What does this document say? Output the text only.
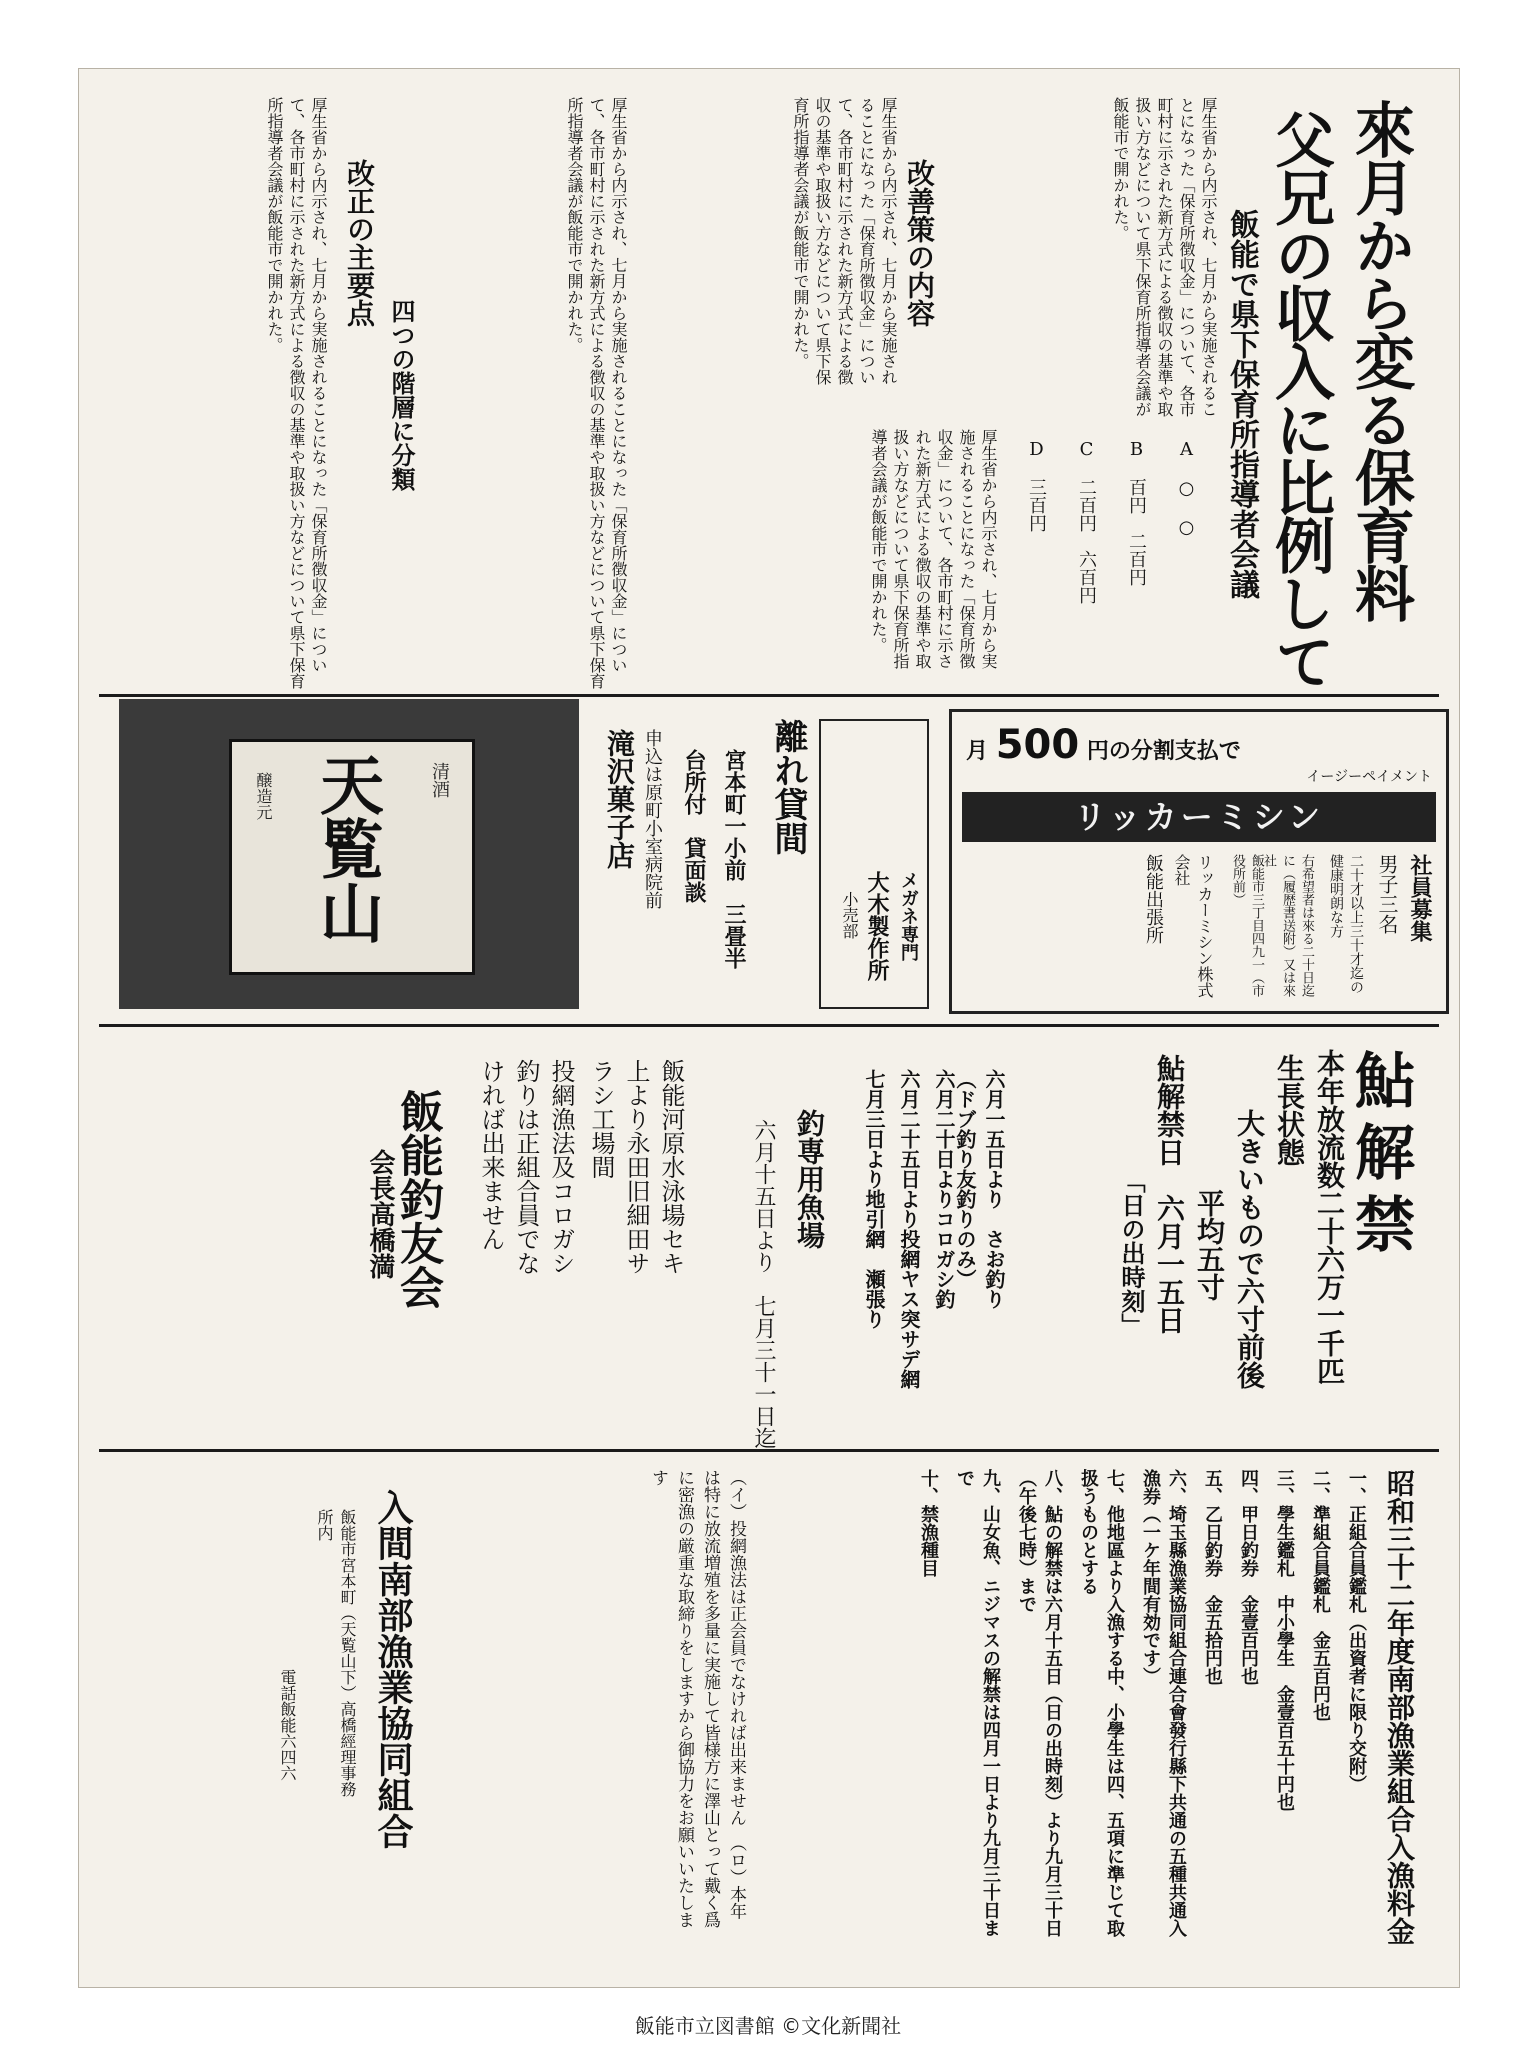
來月から変る保育料
父兄の収入に比例して
飯能で県下保育所指導者会議
厚生省から内示され、七月から実施されることになった「保育所徴収金」について、各市町村に示された新方式による徴収の基準や取扱い方などについて県下保育所指導者会議が飯能市で開かれた。
改善策の内容
厚生省から内示され、七月から実施されることになった「保育所徴収金」について、各市町村に示された新方式による徴収の基準や取扱い方などについて県下保育所指導者会議が飯能市で開かれた。
A　○　○
B　百円　二百円
C　二百円　六百円
D　三百円
厚生省から内示され、七月から実施されることになった「保育所徴収金」について、各市町村に示された新方式による徴収の基準や取扱い方などについて県下保育所指導者会議が飯能市で開かれた。
改正の主要点
四つの階層に分類	厚生省から内示され、七月から実施されることになった「保育所徴収金」について、各市町村に示された新方式による徴収の基準や取扱い方などについて県下保育所指導者会議が飯能市で開かれた。
厚生省から内示され、七月から実施されることになった「保育所徴収金」について、各市町村に示された新方式による徴収の基準や取扱い方などについて県下保育所指導者会議が飯能市で開かれた。
清酒
天覧山
醸造元	離れ貸間
宮本町一小前　三畳半
台所付　貸面談
申込は原町小室病院前
滝沢菓子店
メガネ専門
大木製作所
小売部
月 500 円の分割支払で
イージーペイメント
リッカーミシン
社員募集
男子三名
二十才以上三十才迄の健康明朗な方
右希望者は來る二十日迄に（履歴書送附）又は來社
飯能市三丁目四九一（市役所前）
リッカーミシン株式会社
飯能出張所
鮎解禁
本年放流数二十六万一千匹
生長状態
大きいもので六寸前後
平均五寸
鮎解禁日　六月一五日
「日の出時刻」
六月一五日より　さお釣り（ドブ釣り友釣りのみ）
六月二十日よりコロガシ釣
六月二十五日より投網ヤス突サデ網
七月三日より地引網　瀬張り
釣専用魚場
六月十五日より　七月三十一日迄
飯能河原水泳場セキ上より永田旧細田サラシ工場間
投網漁法及コロガシ釣りは正組合員でなければ出来ません
飯能釣友会
会長高橋満
昭和三十二年度南部漁業組合入漁料金
一、正組合員鑑札（出資者に限り交附）
二、準組合員鑑札　金五百円也
三、學生鑑札　中小學生　金壹百五十円也
四、甲日釣券　金壹百円也
五、乙日釣券　金五拾円也
六、埼玉縣漁業協同組合連合會發行縣下共通の五種共通入漁券（一ケ年間有効です）
七、他地區より入漁する中、小學生は四、五項に準じて取扱うものとする
八、鮎の解禁は六月十五日（日の出時刻）より九月三十日（午後七時）まで
九、山女魚、ニジマスの解禁は四月一日より九月三十日まで
十、禁漁種目
（イ）投網漁法は正会員でなければ出来ません　（ロ）本年は特に放流増殖を多量に実施して皆様方に澤山とって戴く爲に密漁の厳重な取締りをしますから御協力をお願いいたします
入間南部漁業協同組合
飯能市宮本町（天覧山下）高橋經理事務所内
電話飯能六四六
飯能市立図書館 ©文化新聞社
